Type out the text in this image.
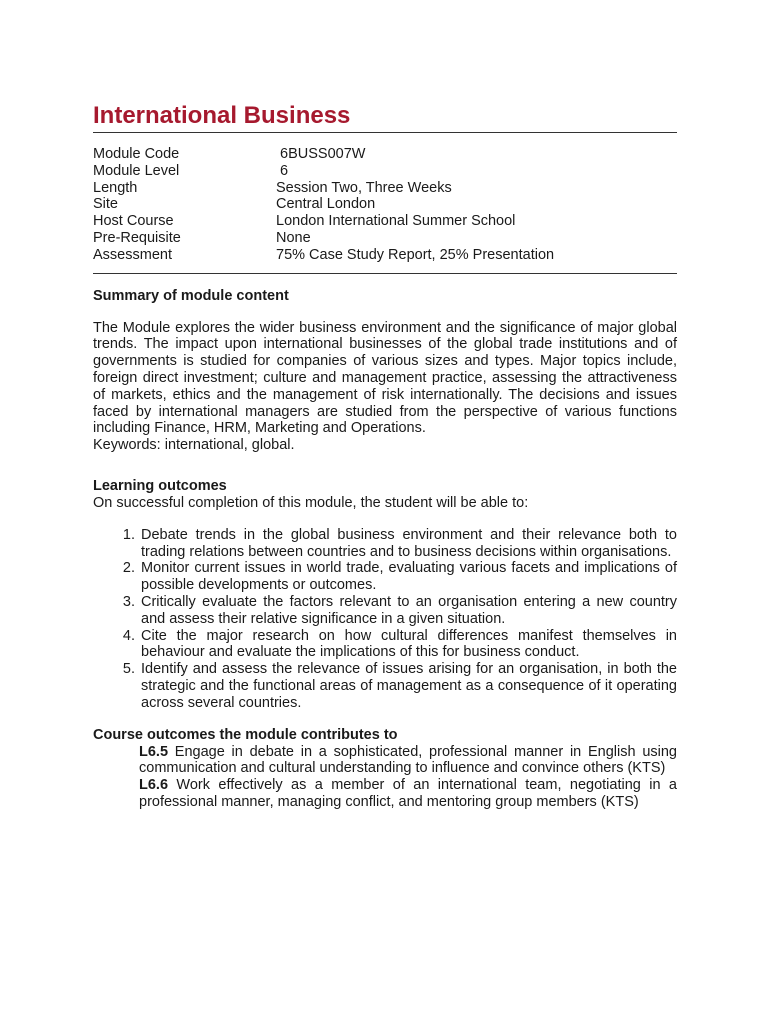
International Business
Module Code	6BUSS007W
Module Level	6
Length	Session Two, Three Weeks
Site	Central London
Host Course	London International Summer School
Pre-Requisite	None
Assessment	75% Case Study Report, 25% Presentation
Summary of module content

The Module explores the wider business environment and the significance of major global trends. The impact upon international businesses of the global trade institutions and of governments is studied for companies of various sizes and types. Major topics include, foreign direct investment; culture and management practice, assessing the attractiveness of markets, ethics and the management of risk internationally. The decisions and issues faced by international managers are studied from the perspective of various functions including Finance, HRM, Marketing and Operations.

Keywords: international, global.
Learning outcomes
On successful completion of this module, the student will be able to:
1. Debate trends in the global business environment and their relevance both to trading relations between countries and to business decisions within organisations.
2. Monitor current issues in world trade, evaluating various facets and implications of possible developments or outcomes.
3. Critically evaluate the factors relevant to an organisation entering a new country and assess their relative significance in a given situation.
4. Cite the major research on how cultural differences manifest themselves in behaviour and evaluate the implications of this for business conduct.
5. Identify and assess the relevance of issues arising for an organisation, in both the strategic and the functional areas of management as a consequence of it operating across several countries.
Course outcomes the module contributes to
L6.5 Engage in debate in a sophisticated, professional manner in English using communication and cultural understanding to influence and convince others (KTS)
L6.6 Work effectively as a member of an international team, negotiating in a professional manner, managing conflict, and mentoring group members (KTS)
